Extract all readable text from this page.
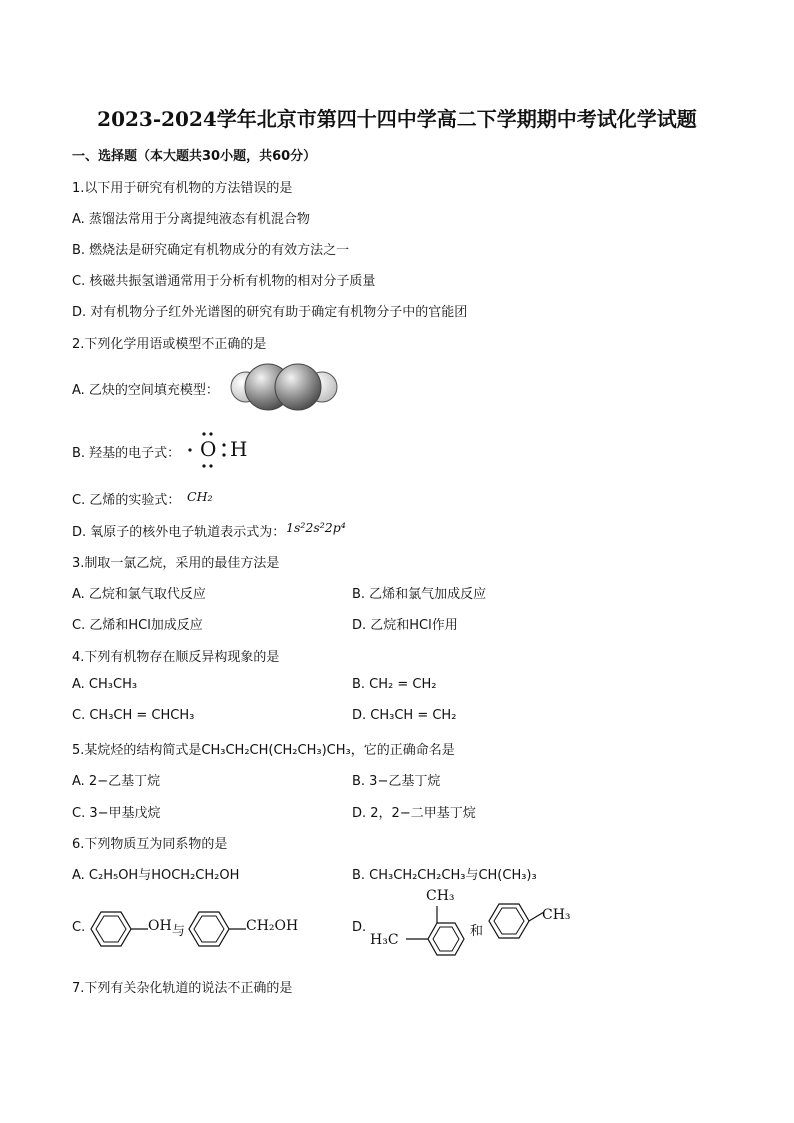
2023-2024学年北京市第四十四中学高二下学期期中考试化学试题
一、选择题（本大题共30小题，共60分）
1.以下用于研究有机物的方法错误的是
A. 蒸馏法常用于分离提纯液态有机混合物
B. 燃烧法是研究确定有机物成分的有效方法之一
C. 核磁共振氢谱通常用于分析有机物的相对分子质量
D. 对有机物分子红外光谱图的研究有助于确定有机物分子中的官能团
2.下列化学用语或模型不正确的是
A. 乙炔的空间填充模型：
B. 羟基的电子式： O H
C. 乙烯的实验式： CH₂
D. 氧原子的核外电子轨道表示式为： 1s²2s²2p⁴
3.制取一氯乙烷，采用的最佳方法是
A. 乙烷和氯气取代反应	B. 乙烯和氯气加成反应
C. 乙烯和HCl加成反应	D. 乙烷和HCl作用
4.下列有机物存在顺反异构现象的是
A. CH₃CH₃	B. CH₂ = CH₂
C. CH₃CH = CHCH₃	D. CH₃CH = CH₂
5.某烷烃的结构简式是CH₃CH₂CH(CH₂CH₃)CH₃，它的正确命名是
A. 2−乙基丁烷	B. 3−乙基丁烷
C. 3−甲基戊烷	D. 2，2−二甲基丁烷
6.下列物质互为同系物的是
A. C₂H₅OH与HOCH₂CH₂OH	B. CH₃CH₂CH₂CH₃与CH(CH₃)₃
C.	OH 与	CH₂OH	D.
CH₃
H₃C
和
CH₃
7.下列有关杂化轨道的说法不正确的是
